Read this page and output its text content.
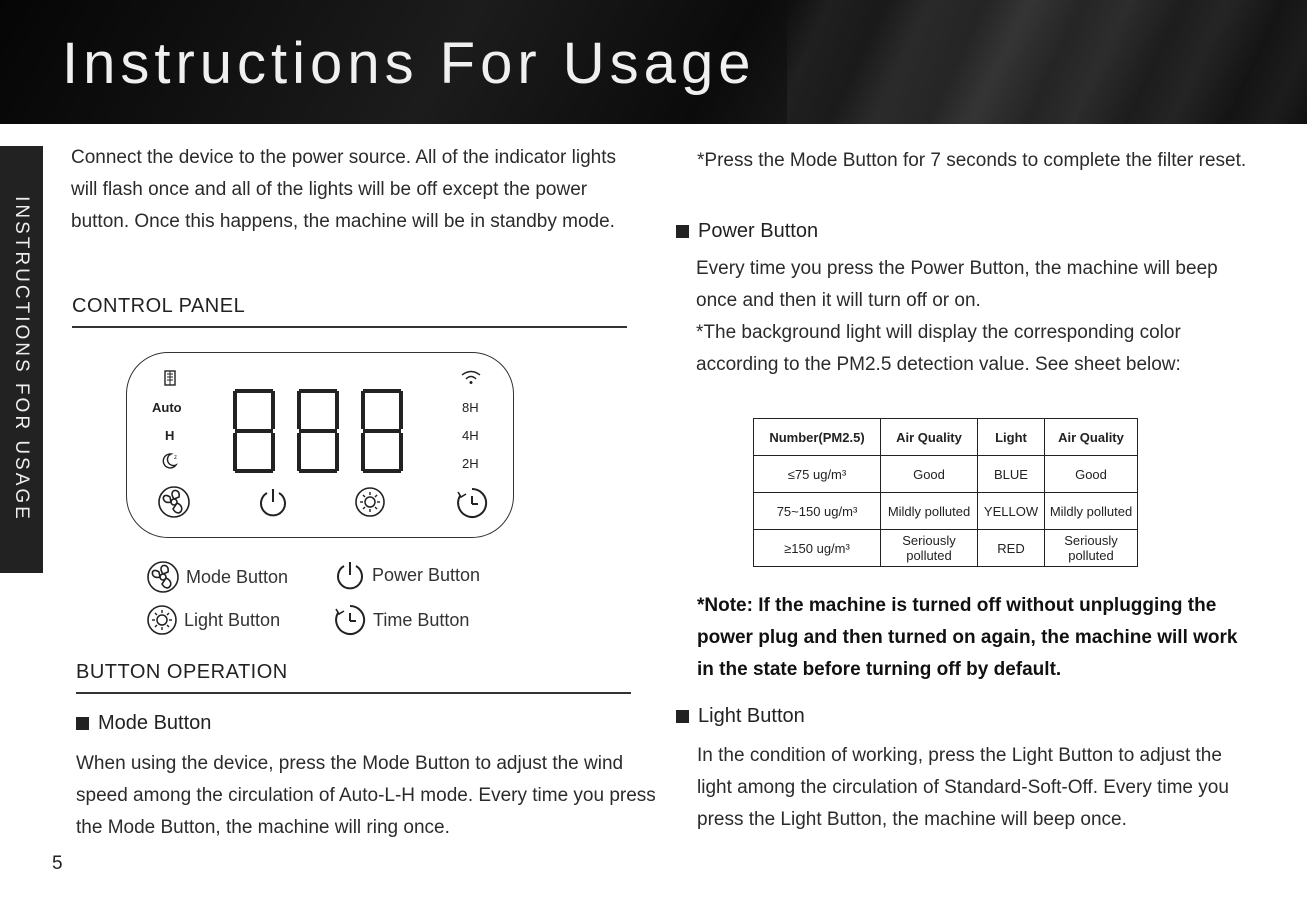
Instructions For Usage
INSTRUCTIONS FOR USAGE

Connect the device to the power source. All of the indicator lights will flash once and all of the lights will be off except the power button. Once this happens, the machine will be in standby mode.

CONTROL PANEL
Auto
H
z
8H
4H
2H
Mode Button	Power Button
Light Button	Time Button
BUTTON OPERATION
Mode Button

When using the device, press the Mode Button to adjust the wind speed among the circulation of Auto-L-H mode. Every time you press the Mode Button, the machine will ring once.

5

*Press the Mode Button for 7 seconds to complete the filter reset.

Power Button

Every time you press the Power Button, the machine will beep once and then it will turn off or on.

*The background light will display the corresponding color according to the PM2.5 detection value. See sheet below:

Number(PM2.5)	Air Quality	Light	Air Quality
≤75 ug/m³	Good	BLUE	Good
75~150 ug/m³	Mildly polluted	YELLOW	Mildly polluted
≥150 ug/m³	Seriously polluted	RED	Seriously polluted

*Note: If the machine is turned off without unplugging the power plug and then turned on again, the machine will work in the state before turning off by default.

Light Button

In the condition of working, press the Light Button to adjust the light among the circulation of Standard-Soft-Off. Every time you press the Light Button, the machine will beep once.
